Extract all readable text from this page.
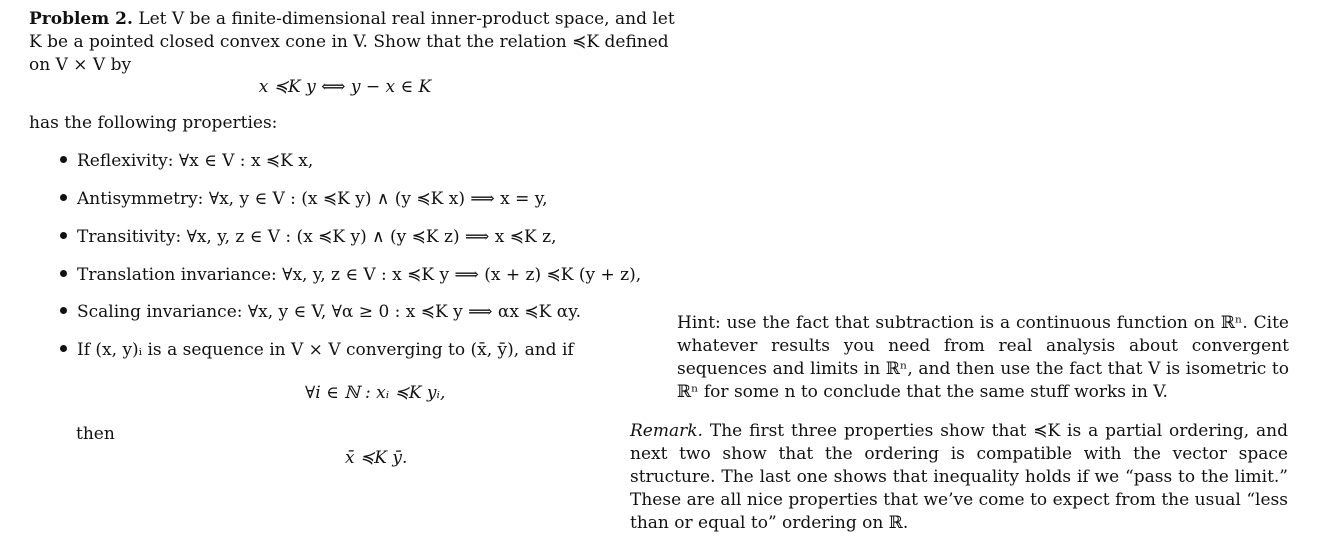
Problem 2. Let V be a finite-dimensional real inner-product space, and let K be a pointed closed convex cone in V. Show that the relation ≼K defined on V × V by
x ≼K y ⟺ y − x ∈ K
has the following properties:
Reflexivity: ∀x ∈ V : x ≼K x,
Antisymmetry: ∀x, y ∈ V : (x ≼K y) ∧ (y ≼K x) ⟹ x = y,
Transitivity: ∀x, y, z ∈ V : (x ≼K y) ∧ (y ≼K z) ⟹ x ≼K z,
Translation invariance: ∀x, y, z ∈ V : x ≼K y ⟹ (x + z) ≼K (y + z),
Scaling invariance: ∀x, y ∈ V, ∀α ≥ 0 : x ≼K y ⟹ αx ≼K αy.
If (x, y)ᵢ is a sequence in V × V converging to (x̄, ȳ), and if
∀i ∈ ℕ : xᵢ ≼K yᵢ,
then
x̄ ≼K ȳ.
Hint: use the fact that subtraction is a continuous function on ℝⁿ. Cite whatever results you need from real analysis about convergent sequences and limits in ℝⁿ, and then use the fact that V is isometric to ℝⁿ for some n to conclude that the same stuff works in V.
Remark. The first three properties show that ≼K is a partial ordering, and next two show that the ordering is compatible with the vector space structure. The last one shows that inequality holds if we “pass to the limit.” These are all nice properties that we’ve come to expect from the usual “less than or equal to” ordering on ℝ.
